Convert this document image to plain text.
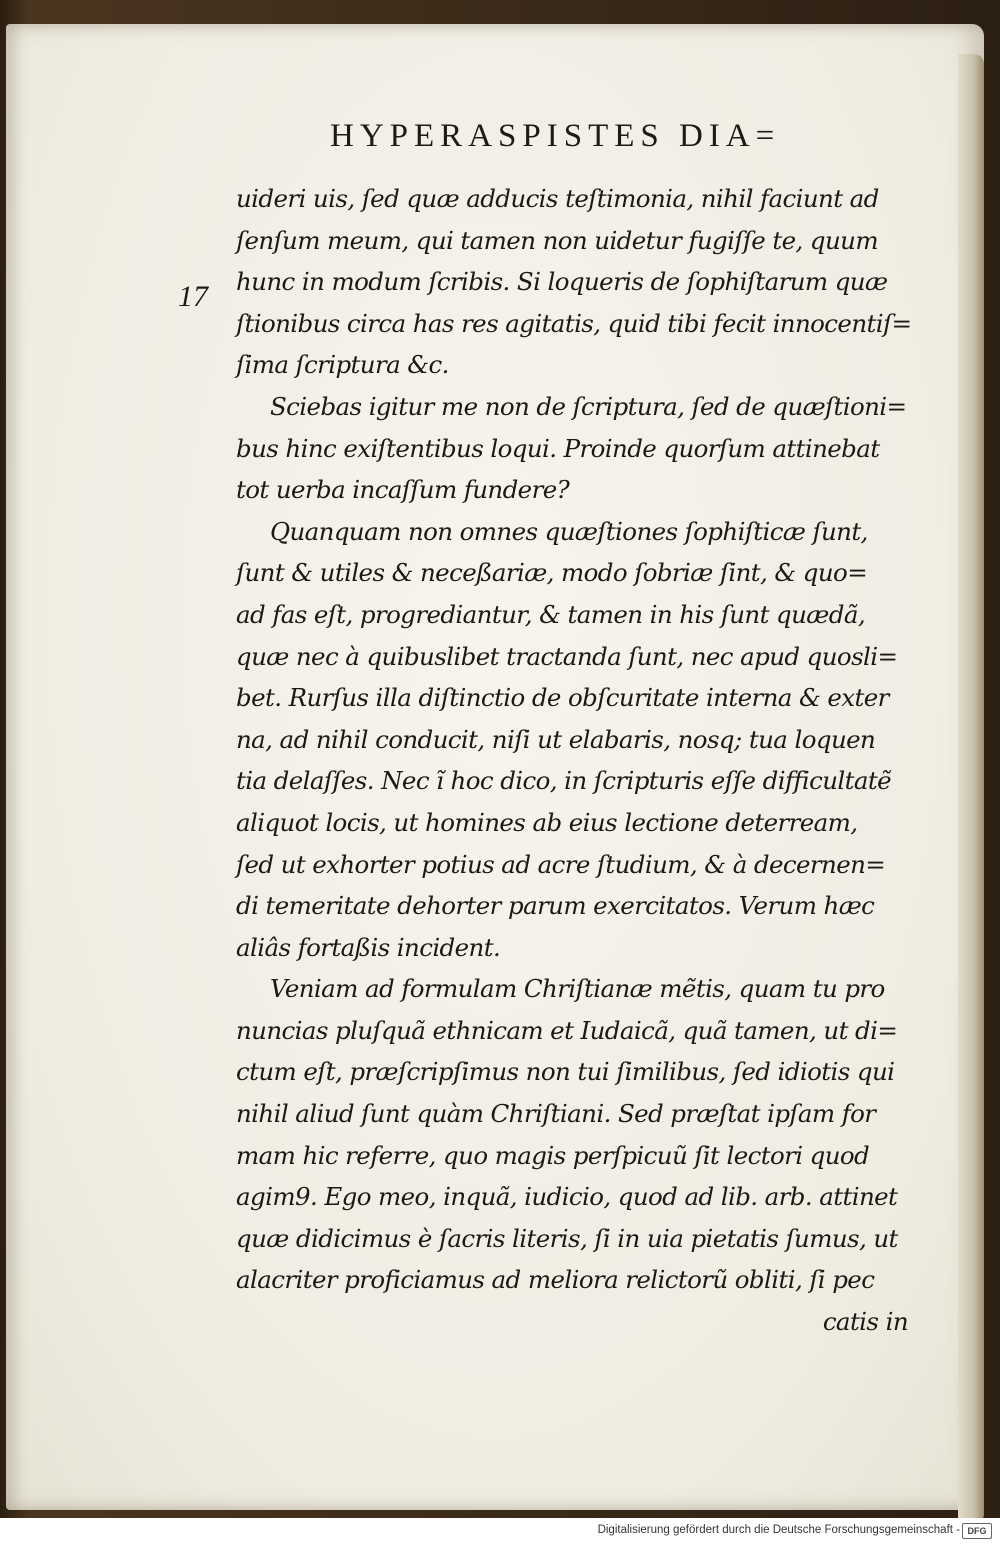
HYPERASPISTES DIA=
17
uideri uis, ſed quæ adducis teſtimonia, nihil faciunt ad
ſenſum meum, qui tamen non uidetur fugiſſe te, quum
hunc in modum ſcribis. Si loqueris de ſophiſtarum quæ
ſtionibus circa has res agitatis, quid tibi fecit innocentiſ=
ſima ſcriptura &c.
Sciebas igitur me non de ſcriptura, ſed de quæſtioni=
bus hinc exiſtentibus loqui. Proinde quorſum attinebat
tot uerba incaſſum fundere?
Quanquam non omnes quæſtiones ſophiſticæ ſunt,
ſunt & utiles & neceßariæ, modo ſobriæ ſint, & quo=
ad fas eſt, progrediantur, & tamen in his ſunt quædã,
quæ nec à quibuslibet tractanda ſunt, nec apud quosli=
bet. Rurſus illa diſtinctio de obſcuritate interna & exter
na, ad nihil conducit, niſi ut elabaris, nosq; tua loquen
tia delaſſes. Nec ĩ hoc dico, in ſcripturis eſſe difficultatẽ
aliquot locis, ut homines ab eius lectione deterream,
ſed ut exhorter potius ad acre ſtudium, & à decernen=
di temeritate dehorter parum exercitatos. Verum hæc
aliâs fortaßis incident.
Veniam ad formulam Chriſtianæ mẽtis, quam tu pro
nuncias pluſquã ethnicam et Iudaicã, quã tamen, ut di=
ctum eſt, præſcripſimus non tui ſimilibus, ſed idiotis qui
nihil aliud ſunt quàm Chriſtiani. Sed præſtat ipſam for
mam hic referre, quo magis perſpicuũ ſit lectori quod
agim9. Ego meo, inquã, iudicio, quod ad lib. arb. attinet
quæ didicimus è ſacris literis, ſi in uia pietatis ſumus, ut
alacriter proficiamus ad meliora relictorũ obliti, ſi pec
catis in
Digitalisierung gefördert durch die Deutsche Forschungsgemeinschaft - DFG
